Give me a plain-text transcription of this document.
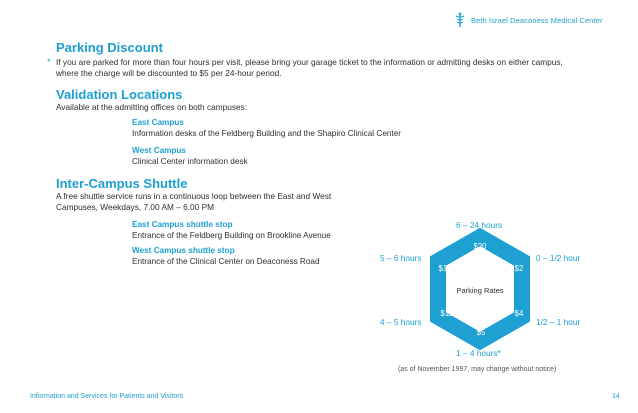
Beth Israel Deaconess Medical Center
Parking Discount
* If you are parked for more than four hours per visit, please bring your garage ticket to the information or admitting desks on either campus, where the charge will be discounted to $5 per 24-hour period.
Validation Locations
Available at the admitting offices on both campuses:
East Campus
Information desks of the Feldberg Building and the Shapiro Clinical Center
West Campus
Clinical Center information desk
Inter-Campus Shuttle
A free shuttle service runs in a continuous loop between the East and West Campuses, Weekdays, 7.00 AM – 6.00 PM
East Campus shuttle stop
Entrance of the Feldberg Building on Brookline Avenue
West Campus shuttle stop
Entrance of the Clinical Center on Deaconess Road
$20
$15	$2
$12	$4
$5
Parking Rates
6 – 24 hours
5 – 6 hours	0 – 1/2 hour
4 – 5 hours	1/2 – 1 hour
1 – 4 hours*
(as of November 1997, may change without notice)
Information and Services for Patients and Visitors	14
